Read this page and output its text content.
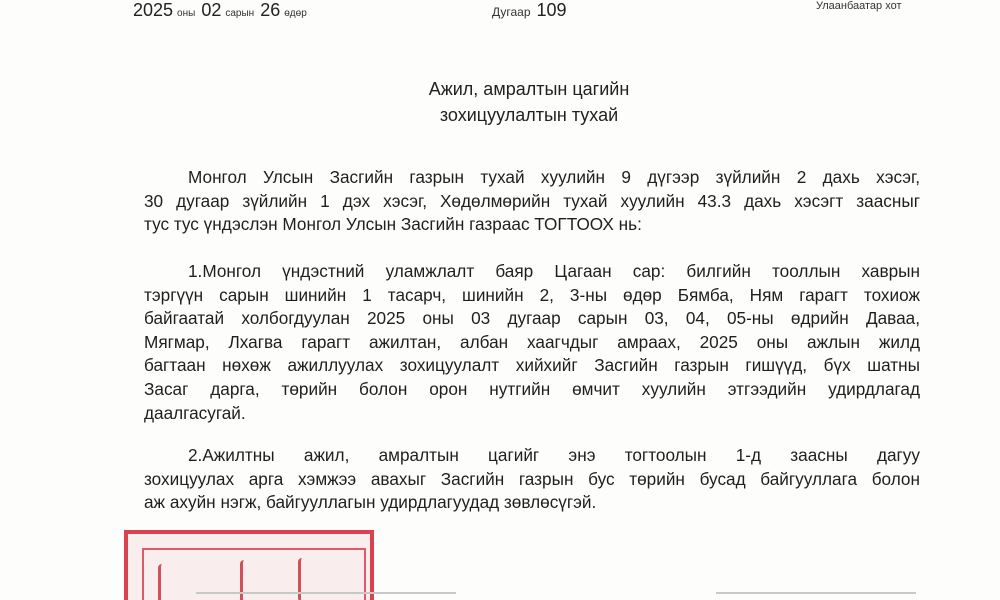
2025 оны 02 сарын 26 өдөр	Дугаар 109	Улаанбаатар хот
Ажил, амралтын цагийн
зохицуулалтын тухай
Монгол Улсын Засгийн газрын тухай хуулийн 9 дүгээр зүйлийн 2 дахь хэсэг,
30 дугаар зүйлийн 1 дэх хэсэг, Хөдөлмөрийн тухай хуулийн 43.3 дахь хэсэгт заасныг
тус тус үндэслэн Монгол Улсын Засгийн газраас ТОГТООХ нь:
1.Монгол үндэстний уламжлалт баяр Цагаан сар: билгийн тооллын хаврын
тэргүүн сарын шинийн 1 тасарч, шинийн 2, 3-ны өдөр Бямба, Ням гарагт тохиож
байгаатай холбогдуулан 2025 оны 03 дугаар сарын 03, 04, 05-ны өдрийн Даваа,
Мягмар, Лхагва гарагт ажилтан, албан хаагчдыг амраах, 2025 оны ажлын жилд
багтаан нөхөж ажиллуулах зохицуулалт хийхийг Засгийн газрын гишүүд, бүх шатны
Засаг дарга, төрийн болон орон нутгийн өмчит хуулийн этгээдийн удирдлагад
даалгасугай.
2.Ажилтны ажил, амралтын цагийг энэ тогтоолын 1-д заасны дагуу
зохицуулах арга хэмжээ авахыг Засгийн газрын бус төрийн бусад байгууллага болон
аж ахуйн нэгж, байгууллагын удирдлагуудад зөвлөсүгэй.
